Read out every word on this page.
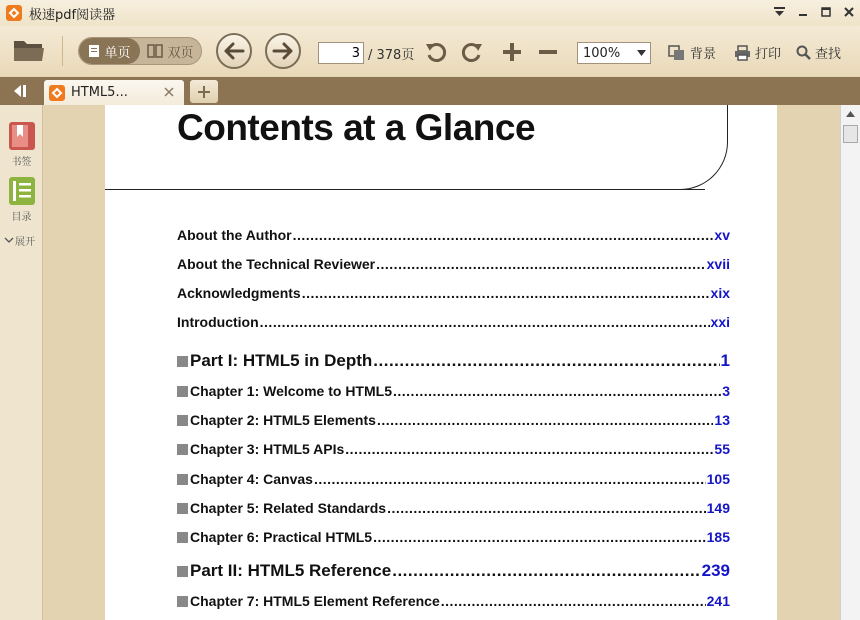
极速pdf阅读器
单页	双页
3	/ 378页	100%	背景	打印	查找
HTML5...
书签
目录
展开
Contents at a Glance
About the Author .....	xv
About the Technical Reviewer .....	xvii
Acknowledgments .....	xix
Introduction .....	xxi
Part I: HTML5 in Depth .....	1
Chapter 1: Welcome to HTML5 .....	3
Chapter 2: HTML5 Elements .....	13
Chapter 3: HTML5 APIs .....	55
Chapter 4: Canvas .....	105
Chapter 5: Related Standards .....	149
Chapter 6: Practical HTML5 .....	185
Part II: HTML5 Reference .....	239
Chapter 7: HTML5 Element Reference .....	241
